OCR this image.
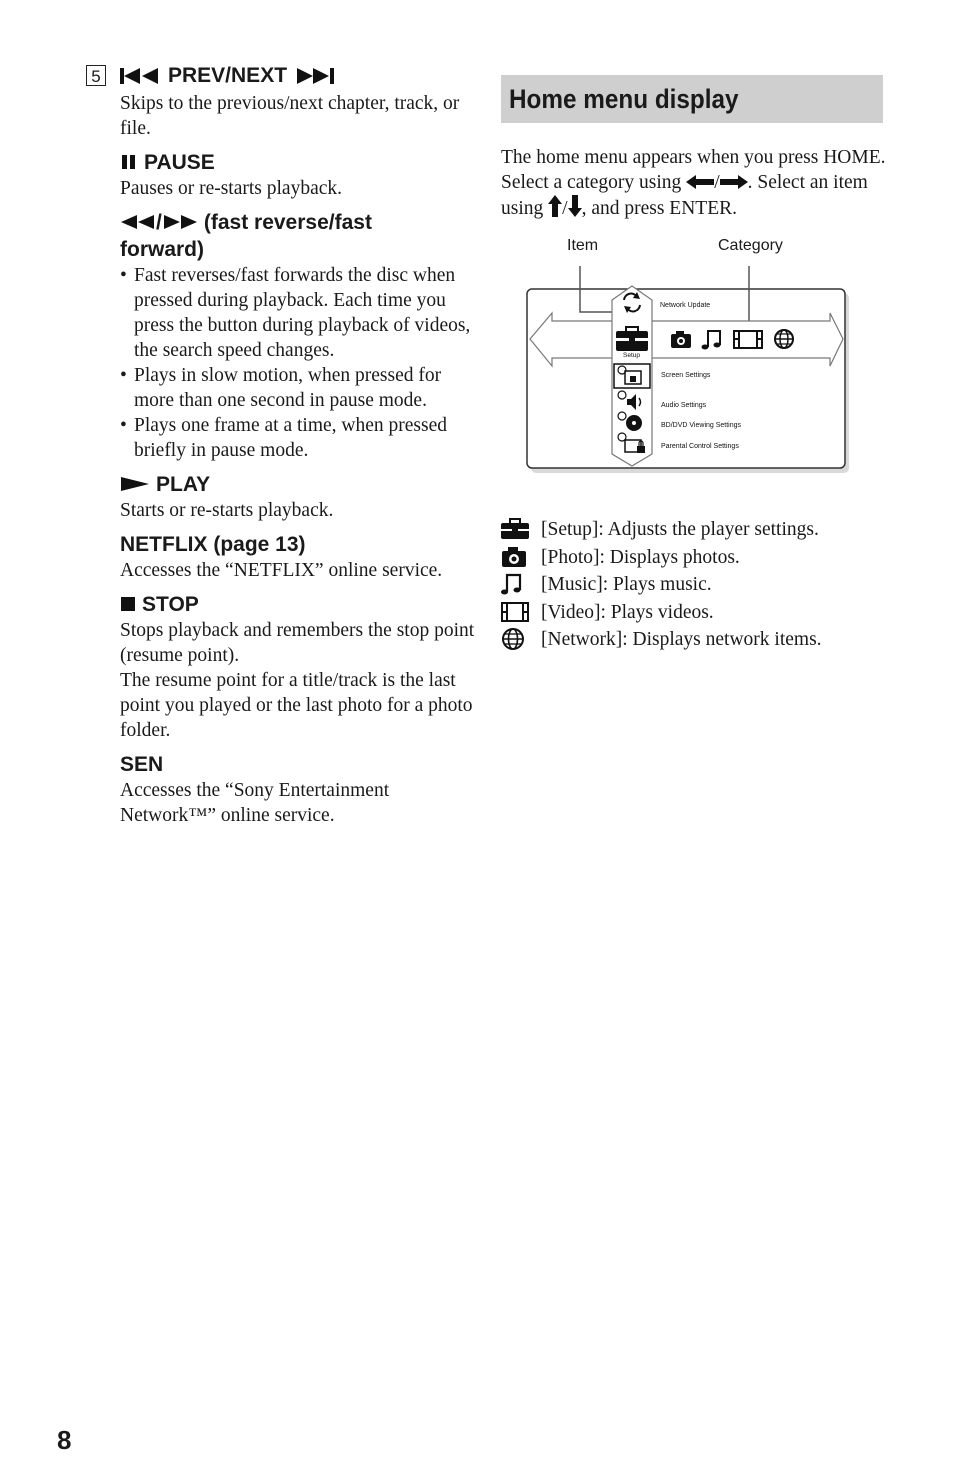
5	PREV/NEXT

Skips to the previous/next chapter, track, or file.

PAUSE

Pauses or re-starts playback.

/ (fast reverse/fast
forward)
• Fast reverses/fast forwards the disc when pressed during playback. Each time you press the button during playback of videos, the search speed changes.
• Plays in slow motion, when pressed for more than one second in pause mode.
• Plays one frame at a time, when pressed briefly in pause mode.
PLAY

Starts or re-starts playback.

NETFLIX (page 13)

Accesses the “NETFLIX” online service.

STOP

Stops playback and remembers the stop point (resume point).

The resume point for a title/track is the last point you played or the last photo for a photo folder.

SEN

Accesses the “Sony Entertainment Network™” online service.

Home menu display

The home menu appears when you press HOME. Select a category using / . Select an item using / , and press ENTER.

Item	Category
Network Update
Setup
Screen Settings
Audio Settings
BD/DVD Viewing Settings
Parental Control Settings
[Setup]: Adjusts the player settings.
[Photo]: Displays photos.
[Music]: Plays music.
[Video]: Plays videos.
[Network]: Displays network items.
8
